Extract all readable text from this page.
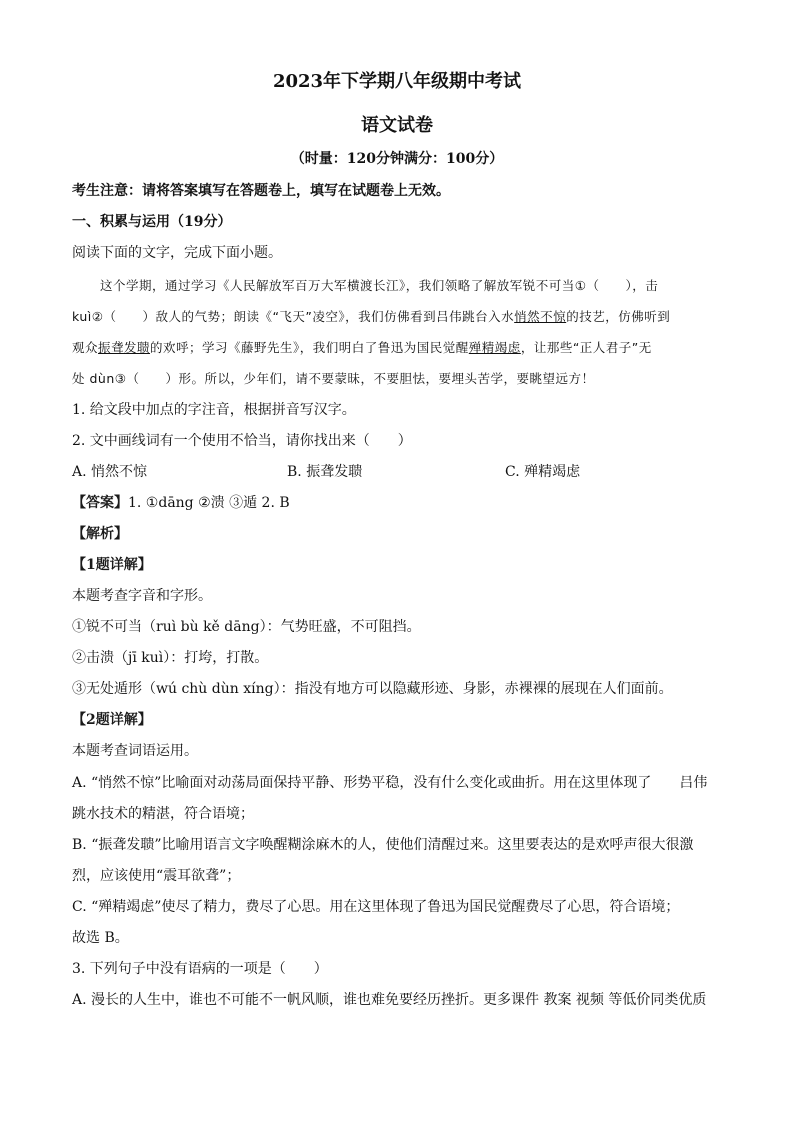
2023年下学期八年级期中考试
语文试卷
（时量：120分钟满分：100分）
考生注意：请将答案填写在答题卷上，填写在试题卷上无效。
一、积累与运用（19分）
阅读下面的文字，完成下面小题。
这个学期，通过学习《人民解放军百万大军横渡长江》，我们领略了解放军锐不可当①（　　），击
kuì②（　　）敌人的气势；朗读《“飞天”凌空》，我们仿佛看到吕伟跳台入水悄然不惊的技艺，仿佛听到
观众振聋发聩的欢呼；学习《藤野先生》，我们明白了鲁迅为国民觉醒殚精竭虑，让那些“正人君子”无
处 dùn③（　　）形。所以，少年们，请不要蒙昧，不要胆怯，要埋头苦学，要眺望远方！
1. 给文段中加点的字注音，根据拼音写汉字。
2. 文中画线词有一个使用不恰当，请你找出来（　　）
A. 悄然不惊	B. 振聋发聩	C. 殚精竭虑
【答案】1. ①dāng ②溃 ③遁 2. B
【解析】
【1题详解】
本题考查字音和字形。
①锐不可当（ruì bù kě dāng）：气势旺盛，不可阻挡。
②击溃（jī kuì）：打垮，打散。
③无处遁形（wú chù dùn xíng）：指没有地方可以隐藏形迹、身影，赤裸裸的展现在人们面前。
【2题详解】
本题考查词语运用。
A. “悄然不惊”比喻面对动荡局面保持平静、形势平稳，没有什么变化或曲折。用在这里体现了　　吕伟
跳水技术的精湛，符合语境；
B. “振聋发聩”比喻用语言文字唤醒糊涂麻木的人，使他们清醒过来。这里要表达的是欢呼声很大很激
烈，应该使用“震耳欲聋”；
C. “殚精竭虑”使尽了精力，费尽了心思。用在这里体现了鲁迅为国民觉醒费尽了心思，符合语境；
故选 B。
3. 下列句子中没有语病的一项是（　　）
A. 漫长的人生中，谁也不可能不一帆风顺，谁也难免要经历挫折。更多课件 教案 视频 等低价同类优质
